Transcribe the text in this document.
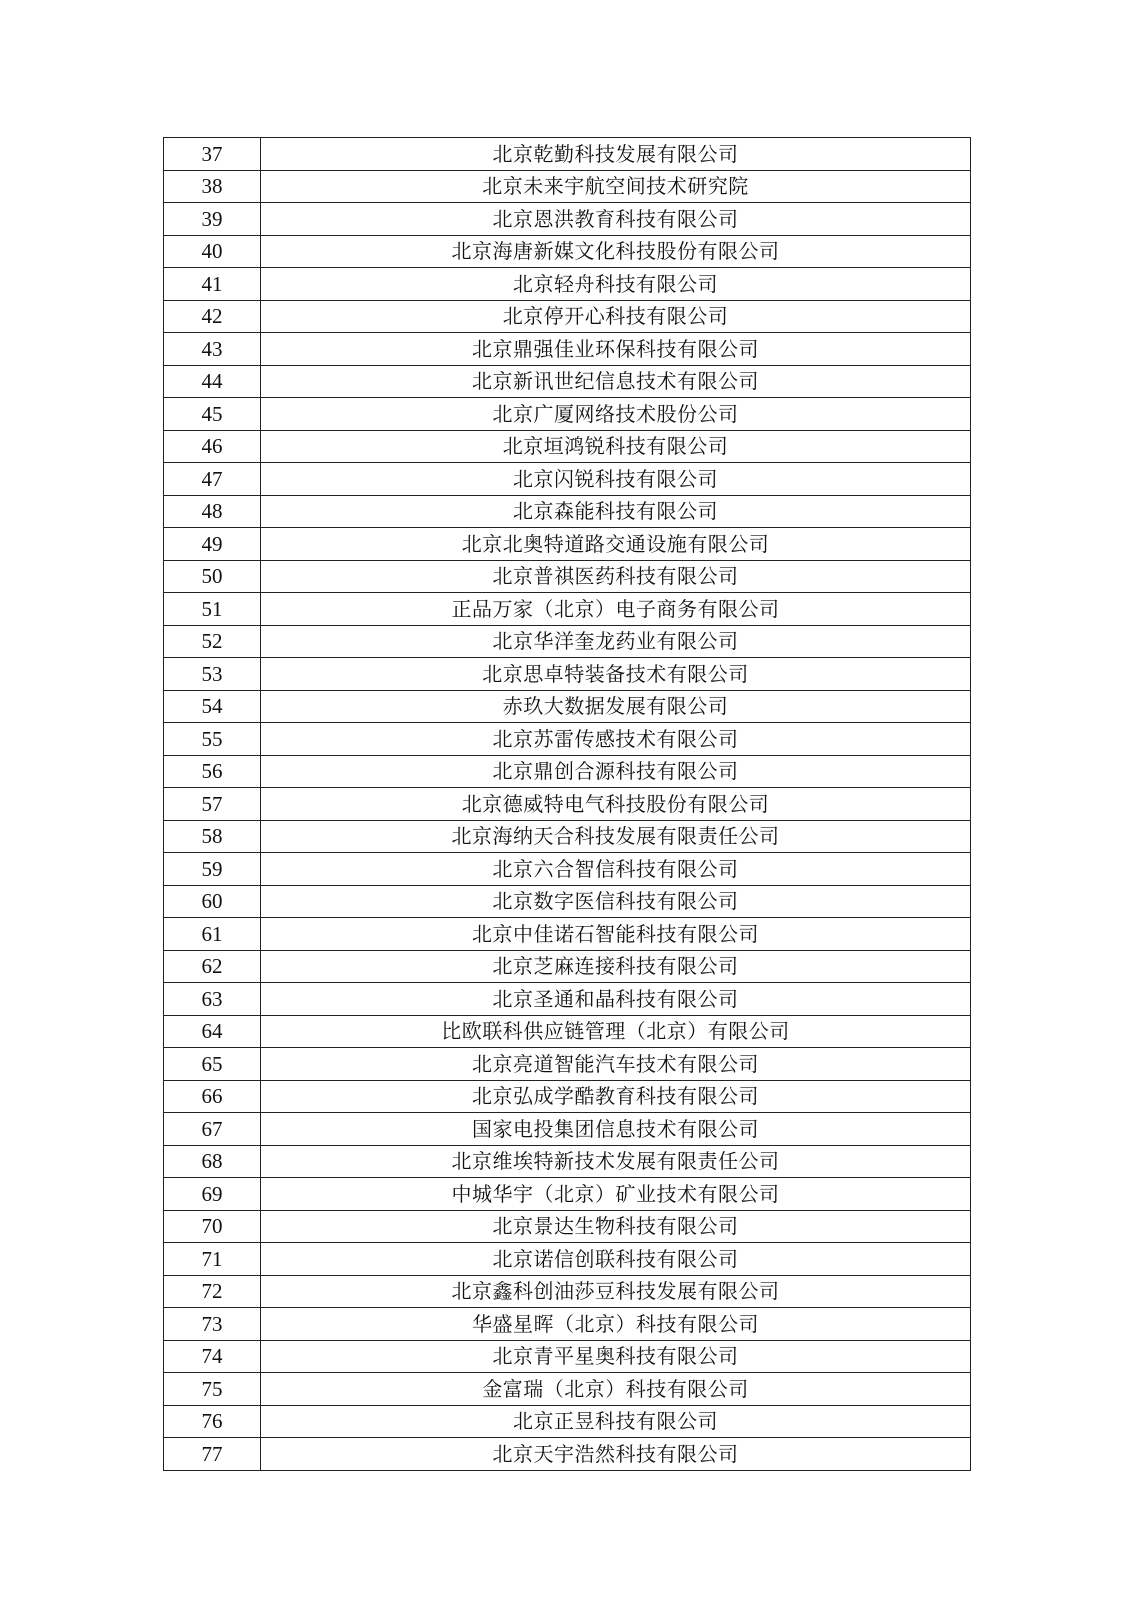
37	北京乾勤科技发展有限公司
38	北京未来宇航空间技术研究院
39	北京恩洪教育科技有限公司
40	北京海唐新媒文化科技股份有限公司
41	北京轻舟科技有限公司
42	北京停开心科技有限公司
43	北京鼎强佳业环保科技有限公司
44	北京新讯世纪信息技术有限公司
45	北京广厦网络技术股份公司
46	北京垣鸿锐科技有限公司
47	北京闪锐科技有限公司
48	北京森能科技有限公司
49	北京北奥特道路交通设施有限公司
50	北京普祺医药科技有限公司
51	正品万家（北京）电子商务有限公司
52	北京华洋奎龙药业有限公司
53	北京思卓特装备技术有限公司
54	赤玖大数据发展有限公司
55	北京苏雷传感技术有限公司
56	北京鼎创合源科技有限公司
57	北京德威特电气科技股份有限公司
58	北京海纳天合科技发展有限责任公司
59	北京六合智信科技有限公司
60	北京数字医信科技有限公司
61	北京中佳诺石智能科技有限公司
62	北京芝麻连接科技有限公司
63	北京圣通和晶科技有限公司
64	比欧联科供应链管理（北京）有限公司
65	北京亮道智能汽车技术有限公司
66	北京弘成学酷教育科技有限公司
67	国家电投集团信息技术有限公司
68	北京维埃特新技术发展有限责任公司
69	中城华宇（北京）矿业技术有限公司
70	北京景达生物科技有限公司
71	北京诺信创联科技有限公司
72	北京鑫科创油莎豆科技发展有限公司
73	华盛星晖（北京）科技有限公司
74	北京青平星奥科技有限公司
75	金富瑞（北京）科技有限公司
76	北京正昱科技有限公司
77	北京天宇浩然科技有限公司
